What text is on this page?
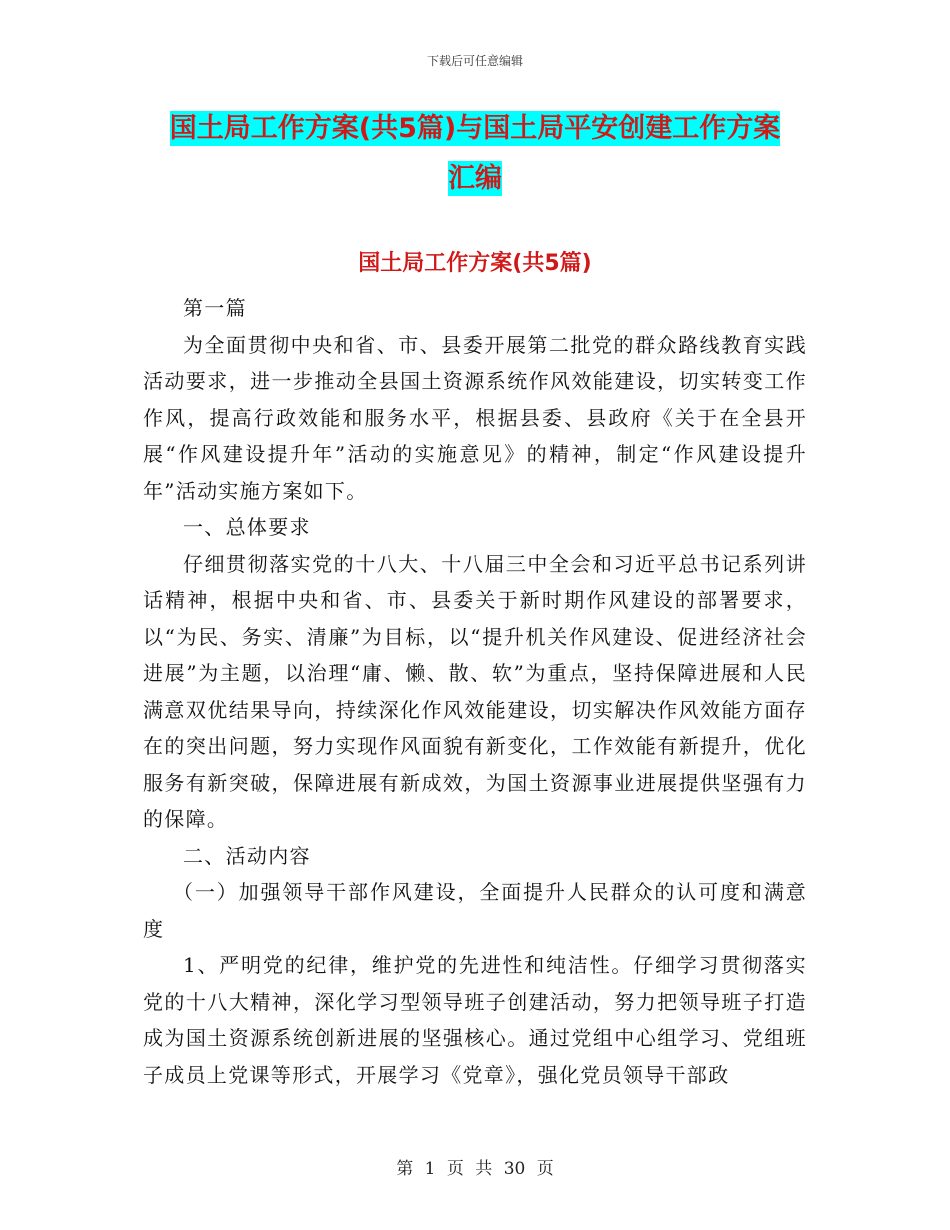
下载后可任意编辑
国土局工作方案(共5篇)与国土局平安创建工作方案
汇编
国土局工作方案(共5篇)

第一篇

为全面贯彻中央和省、市、县委开展第二批党的群众路线教育实践活动要求，进一步推动全县国土资源系统作风效能建设，切实转变工作作风，提高行政效能和服务水平，根据县委、县政府《关于在全县开展“作风建设提升年”活动的实施意见》的精神，制定“作风建设提升年”活动实施方案如下。

一、总体要求

仔细贯彻落实党的十八大、十八届三中全会和习近平总书记系列讲话精神，根据中央和省、市、县委关于新时期作风建设的部署要求，以“为民、务实、清廉”为目标，以“提升机关作风建设、促进经济社会进展”为主题，以治理“庸、懒、散、软”为重点，坚持保障进展和人民满意双优结果导向，持续深化作风效能建设，切实解决作风效能方面存在的突出问题，努力实现作风面貌有新变化，工作效能有新提升，优化服务有新突破，保障进展有新成效，为国土资源事业进展提供坚强有力的保障。

二、活动内容

（一）加强领导干部作风建设，全面提升人民群众的认可度和满意度

1、严明党的纪律，维护党的先进性和纯洁性。仔细学习贯彻落实党的十八大精神，深化学习型领导班子创建活动，努力把领导班子打造成为国土资源系统创新进展的坚强核心。通过党组中心组学习、党组班子成员上党课等形式，开展学习《党章》，强化党员领导干部政

第 1 页 共 30 页
